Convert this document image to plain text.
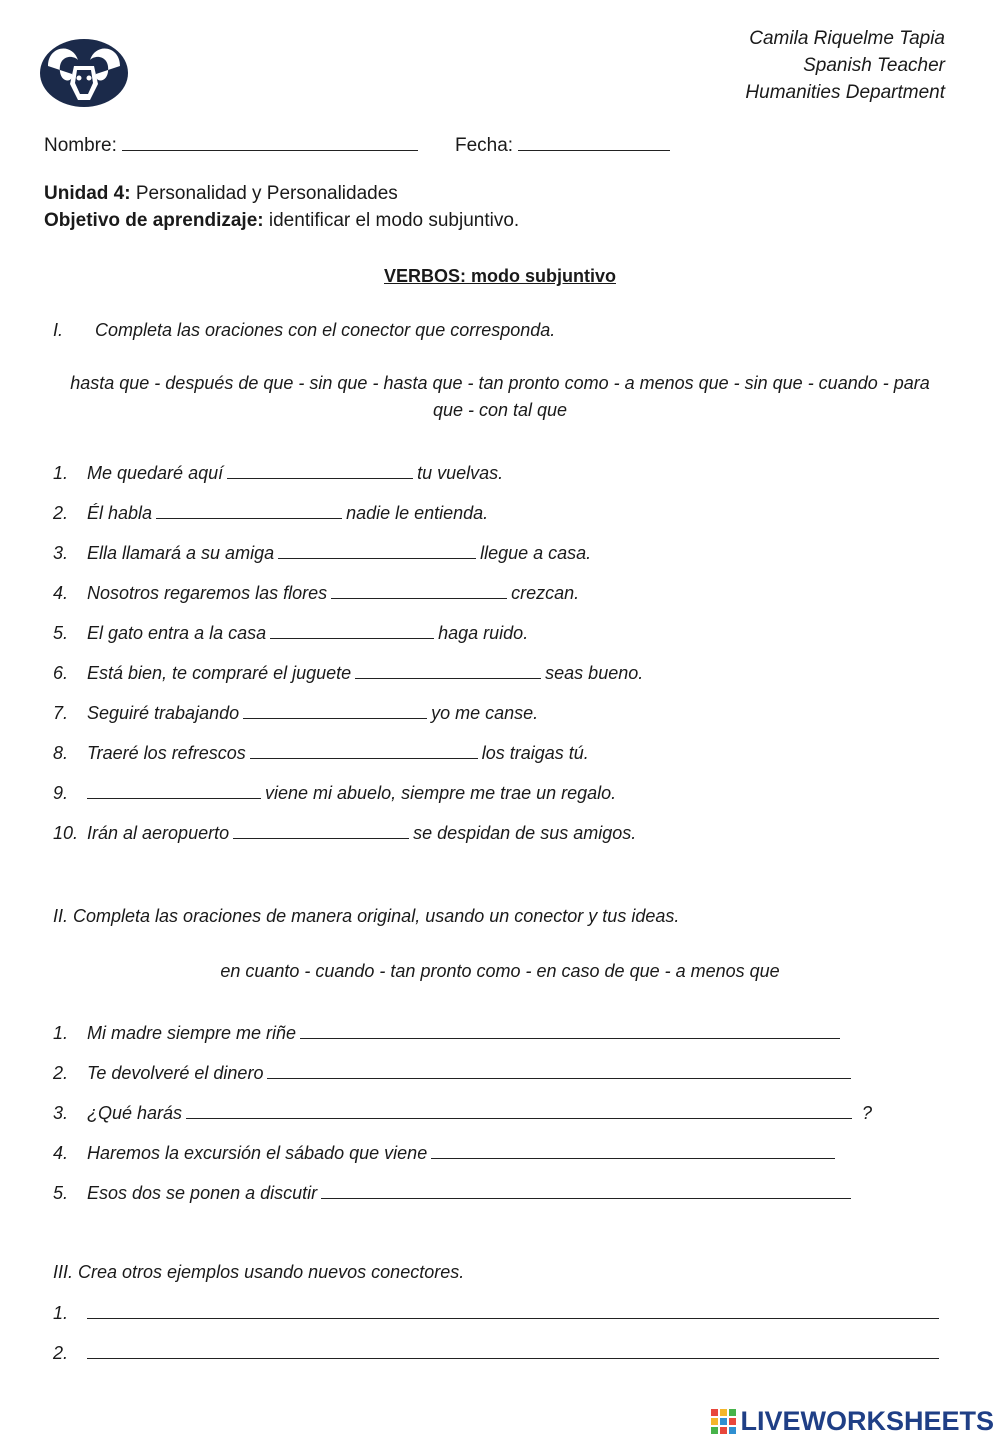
Camila Riquelme Tapia
Spanish Teacher
Humanities Department
Nombre:	Fecha:
Unidad 4: Personalidad y Personalidades
Objetivo de aprendizaje: identificar el modo subjuntivo.
VERBOS: modo subjuntivo
I. Completa las oraciones con el conector que corresponda.
hasta que - después de que - sin que - hasta que - tan pronto como - a menos que - sin que - cuando - para que - con tal que
1. Me quedaré aquí	tu vuelvas.
2. Él habla	nadie le entienda.
3. Ella llamará a su amiga	llegue a casa.
4. Nosotros regaremos las flores	crezcan.
5. El gato entra a la casa	haga ruido.
6. Está bien, te compraré el juguete	seas bueno.
7. Seguiré trabajando	yo me canse.
8. Traeré los refrescos	los traigas tú.
9.	viene mi abuelo, siempre me trae un regalo.
10. Irán al aeropuerto	se despidan de sus amigos.
II. Completa las oraciones de manera original, usando un conector y tus ideas.
en cuanto - cuando - tan pronto como - en caso de que - a menos que
1. Mi madre siempre me riñe
2. Te devolveré el dinero
3. ¿Qué harás	?
4. Haremos la excursión el sábado que viene
5. Esos dos se ponen a discutir
III. Crea otros ejemplos usando nuevos conectores.
1.
2.
LIVEWORKSHEETS
